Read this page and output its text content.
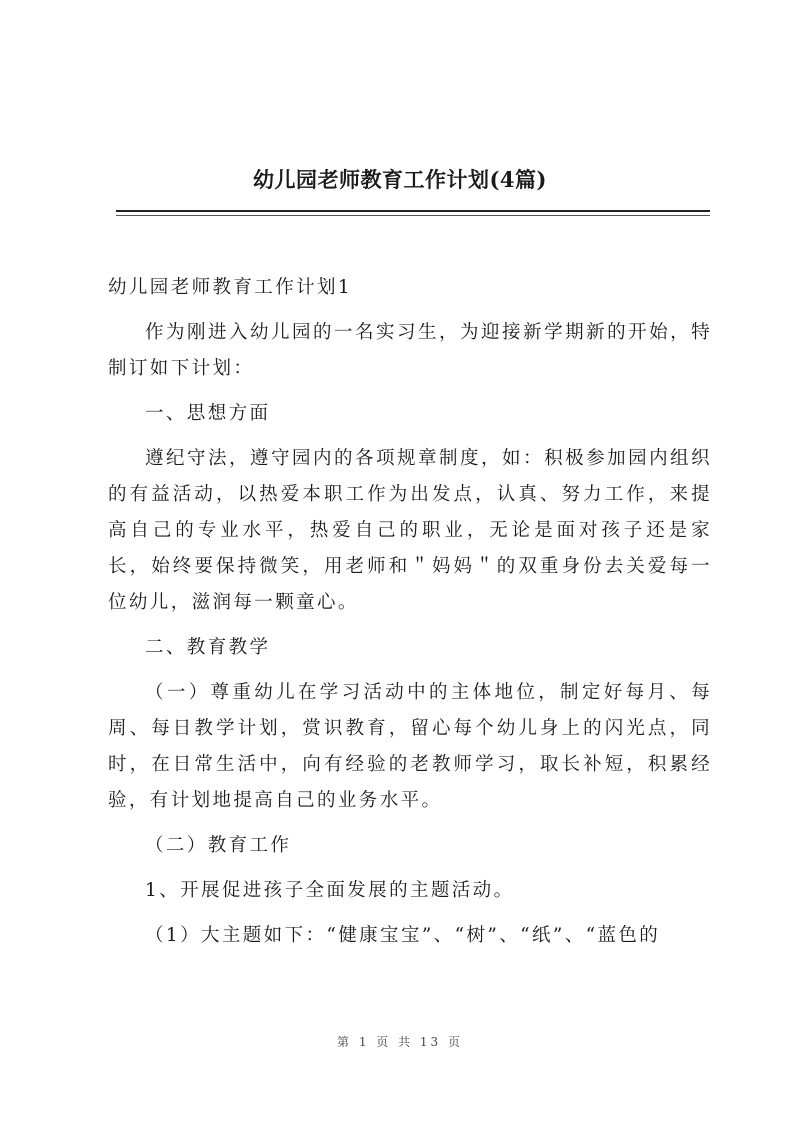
幼儿园老师教育工作计划(4篇)

幼儿园老师教育工作计划1

作为刚进入幼儿园的一名实习生，为迎接新学期新的开始，特制订如下计划：

一、思想方面

遵纪守法，遵守园内的各项规章制度，如：积极参加园内组织的有益活动，以热爱本职工作为出发点，认真、努力工作，来提高自己的专业水平，热爱自己的职业，无论是面对孩子还是家长，始终要保持微笑，用老师和＂妈妈＂的双重身份去关爱每一位幼儿，滋润每一颗童心。

二、教育教学

（一）尊重幼儿在学习活动中的主体地位，制定好每月、每周、每日教学计划，赏识教育，留心每个幼儿身上的闪光点，同时，在日常生活中，向有经验的老教师学习，取长补短，积累经验，有计划地提高自己的业务水平。

（二）教育工作

1、开展促进孩子全面发展的主题活动。

（1）大主题如下：“健康宝宝”、“树”、“纸”、“蓝色的

第 1 页 共 13 页
